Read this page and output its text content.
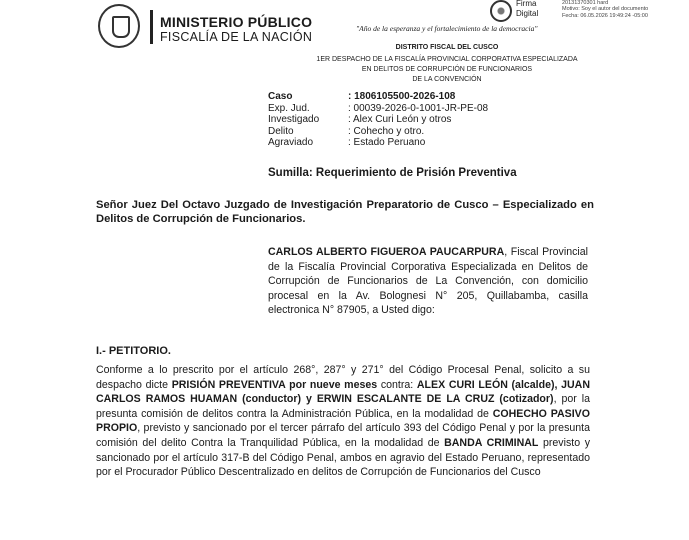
MINISTERIO PÚBLICO
FISCALÍA DE LA NACIÓN
"Año de la esperanza y el fortalecimiento de la democracia"
Firma
Digital
20131370301 hard
Motivo: Soy el autor del documento
Fecha: 06.05.2026 19:49:24 -05:00
DISTRITO FISCAL DEL CUSCO
1ER DESPACHO DE LA FISCALÍA PROVINCIAL CORPORATIVA ESPECIALIZADA
EN DELITOS DE CORRUPCIÓN DE FUNCIONARIOS
DE LA CONVENCIÓN
Caso	: 1806105500-2026-108
Exp. Jud.	: 00039-2026-0-1001-JR-PE-08
Investigado	: Alex Curi León y otros
Delito	: Cohecho y otro.
Agraviado	: Estado Peruano
Sumilla: Requerimiento de Prisión Preventiva
Señor Juez Del Octavo Juzgado de Investigación Preparatorio de Cusco – Especializado en Delitos de Corrupción de Funcionarios.
CARLOS ALBERTO FIGUEROA PAUCARPURA, Fiscal Provincial de la Fiscalía Provincial Corporativa Especializada en Delitos de Corrupción de Funcionarios de La Convención, con domicilio procesal en la Av. Bolognesi N° 205, Quillabamba, casilla electronica N° 87905, a Usted digo:
I.- PETITORIO.
Conforme a lo prescrito por el artículo 268°, 287° y 271° del Código Procesal Penal, solicito a su despacho dicte PRISIÓN PREVENTIVA por nueve meses contra: ALEX CURI LEÓN (alcalde), JUAN CARLOS RAMOS HUAMAN (conductor) y ERWIN ESCALANTE DE LA CRUZ (cotizador), por la presunta comisión de delitos contra la Administración Pública, en la modalidad de COHECHO PASIVO PROPIO, previsto y sancionado por el tercer párrafo del artículo 393 del Código Penal y por la presunta comisión del delito Contra la Tranquilidad Pública, en la modalidad de BANDA CRIMINAL previsto y sancionado por el artículo 317-B del Código Penal, ambos en agravio del Estado Peruano, representado por el Procurador Público Descentralizado en delitos de Corrupción de Funcionarios del Cusco
